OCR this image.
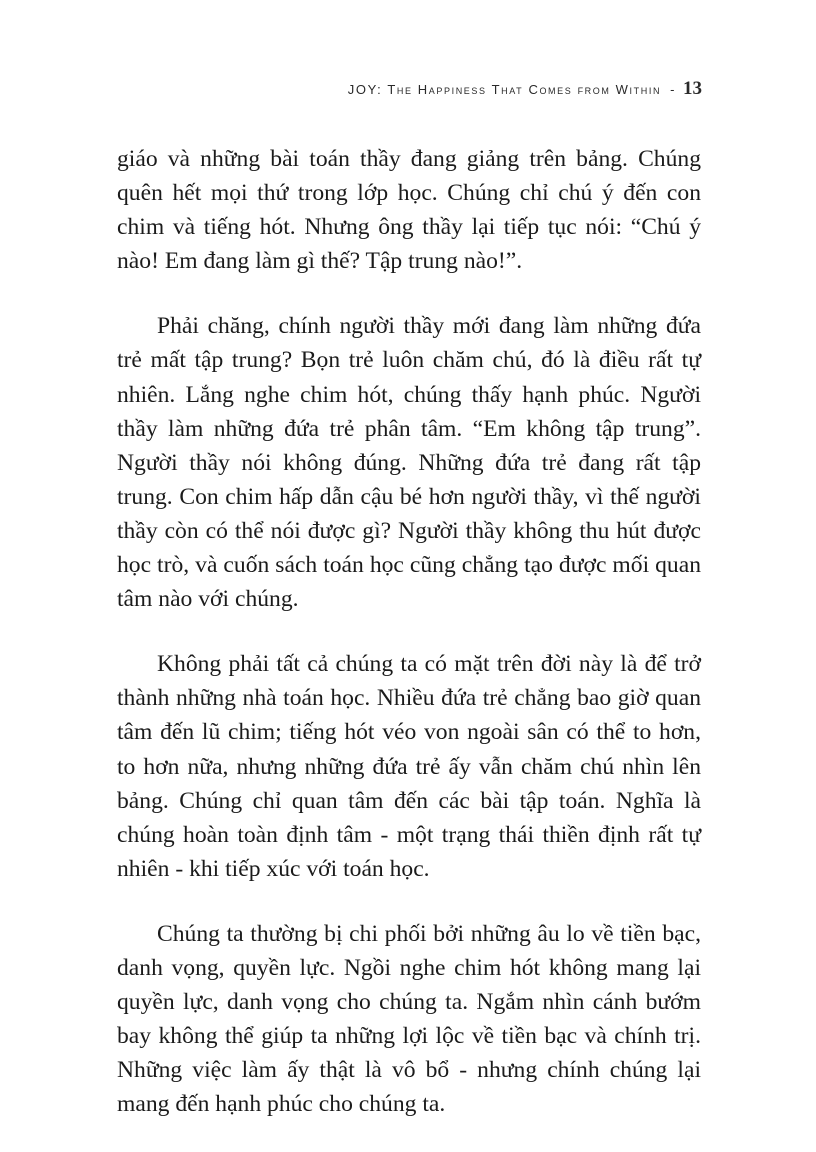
JOY: The Happiness That Comes from Within - 13

giáo và những bài toán thầy đang giảng trên bảng. Chúng quên hết mọi thứ trong lớp học. Chúng chỉ chú ý đến con chim và tiếng hót. Nhưng ông thầy lại tiếp tục nói: “Chú ý nào! Em đang làm gì thế? Tập trung nào!”.

Phải chăng, chính người thầy mới đang làm những đứa trẻ mất tập trung? Bọn trẻ luôn chăm chú, đó là điều rất tự nhiên. Lắng nghe chim hót, chúng thấy hạnh phúc. Người thầy làm những đứa trẻ phân tâm. “Em không tập trung”. Người thầy nói không đúng. Những đứa trẻ đang rất tập trung. Con chim hấp dẫn cậu bé hơn người thầy, vì thế người thầy còn có thể nói được gì? Người thầy không thu hút được học trò, và cuốn sách toán học cũng chẳng tạo được mối quan tâm nào với chúng.

Không phải tất cả chúng ta có mặt trên đời này là để trở thành những nhà toán học. Nhiều đứa trẻ chẳng bao giờ quan tâm đến lũ chim; tiếng hót véo von ngoài sân có thể to hơn, to hơn nữa, nhưng những đứa trẻ ấy vẫn chăm chú nhìn lên bảng. Chúng chỉ quan tâm đến các bài tập toán. Nghĩa là chúng hoàn toàn định tâm - một trạng thái thiền định rất tự nhiên - khi tiếp xúc với toán học.

Chúng ta thường bị chi phối bởi những âu lo về tiền bạc, danh vọng, quyền lực. Ngồi nghe chim hót không mang lại quyền lực, danh vọng cho chúng ta. Ngắm nhìn cánh bướm bay không thể giúp ta những lợi lộc về tiền bạc và chính trị. Những việc làm ấy thật là vô bổ - nhưng chính chúng lại mang đến hạnh phúc cho chúng ta.
